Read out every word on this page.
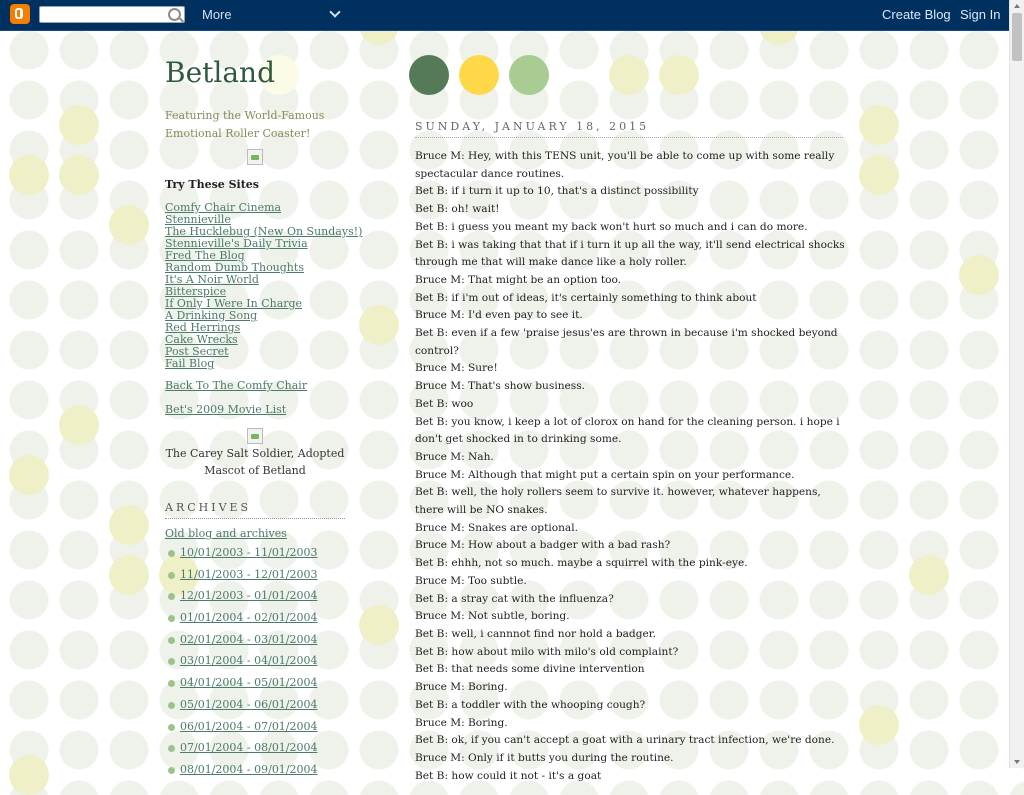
More	Create Blog Sign In
Betland
Featuring the World-Famous Emotional Roller Coaster!
Try These Sites
Comfy Chair Cinema
Stennieville
The Hucklebug (New On Sundays!)
Stennieville's Daily Trivia
Fred The Blog
Random Dumb Thoughts
It's A Noir World
Bitterspice
If Only I Were In Charge
A Drinking Song
Red Herrings
Cake Wrecks
Post Secret
Fail Blog
Back To The Comfy Chair
Bet's 2009 Movie List
The Carey Salt Soldier, Adopted Mascot of Betland
ARCHIVES
Old blog and archives
10/01/2003 - 11/01/2003
11/01/2003 - 12/01/2003
12/01/2003 - 01/01/2004
01/01/2004 - 02/01/2004
02/01/2004 - 03/01/2004
03/01/2004 - 04/01/2004
04/01/2004 - 05/01/2004
05/01/2004 - 06/01/2004
06/01/2004 - 07/01/2004
07/01/2004 - 08/01/2004
08/01/2004 - 09/01/2004
SUNDAY, JANUARY 18, 2015

Bruce M: Hey, with this TENS unit, you'll be able to come up with some really spectacular dance routines.

Bet B: if i turn it up to 10, that's a distinct possibility

Bet B: oh! wait!

Bet B: i guess you meant my back won't hurt so much and i can do more.

Bet B: i was taking that that if i turn it up all the way, it'll send electrical shocks through me that will make dance like a holy roller.

Bruce M: That might be an option too.

Bet B: if i'm out of ideas, it's certainly something to think about

Bruce M: I'd even pay to see it.

Bet B: even if a few 'praise jesus'es are thrown in because i'm shocked beyond control?

Bruce M: Sure!

Bruce M: That's show business.

Bet B: woo

Bet B: you know, i keep a lot of clorox on hand for the cleaning person. i hope i don't get shocked in to drinking some.

Bruce M: Nah.

Bruce M: Although that might put a certain spin on your performance.

Bet B: well, the holy rollers seem to survive it. however, whatever happens, there will be NO snakes.

Bruce M: Snakes are optional.

Bruce M: How about a badger with a bad rash?

Bet B: ehhh, not so much. maybe a squirrel with the pink-eye.

Bruce M: Too subtle.

Bet B: a stray cat with the influenza?

Bruce M: Not subtle, boring.

Bet B: well, i cannnot find nor hold a badger.

Bet B: how about milo with milo's old complaint?

Bet B: that needs some divine intervention

Bruce M: Boring.

Bet B: a toddler with the whooping cough?

Bruce M: Boring.

Bet B: ok, if you can't accept a goat with a urinary tract infection, we're done.

Bruce M: Only if it butts you during the routine.

Bet B: how could it not - it's a goat
